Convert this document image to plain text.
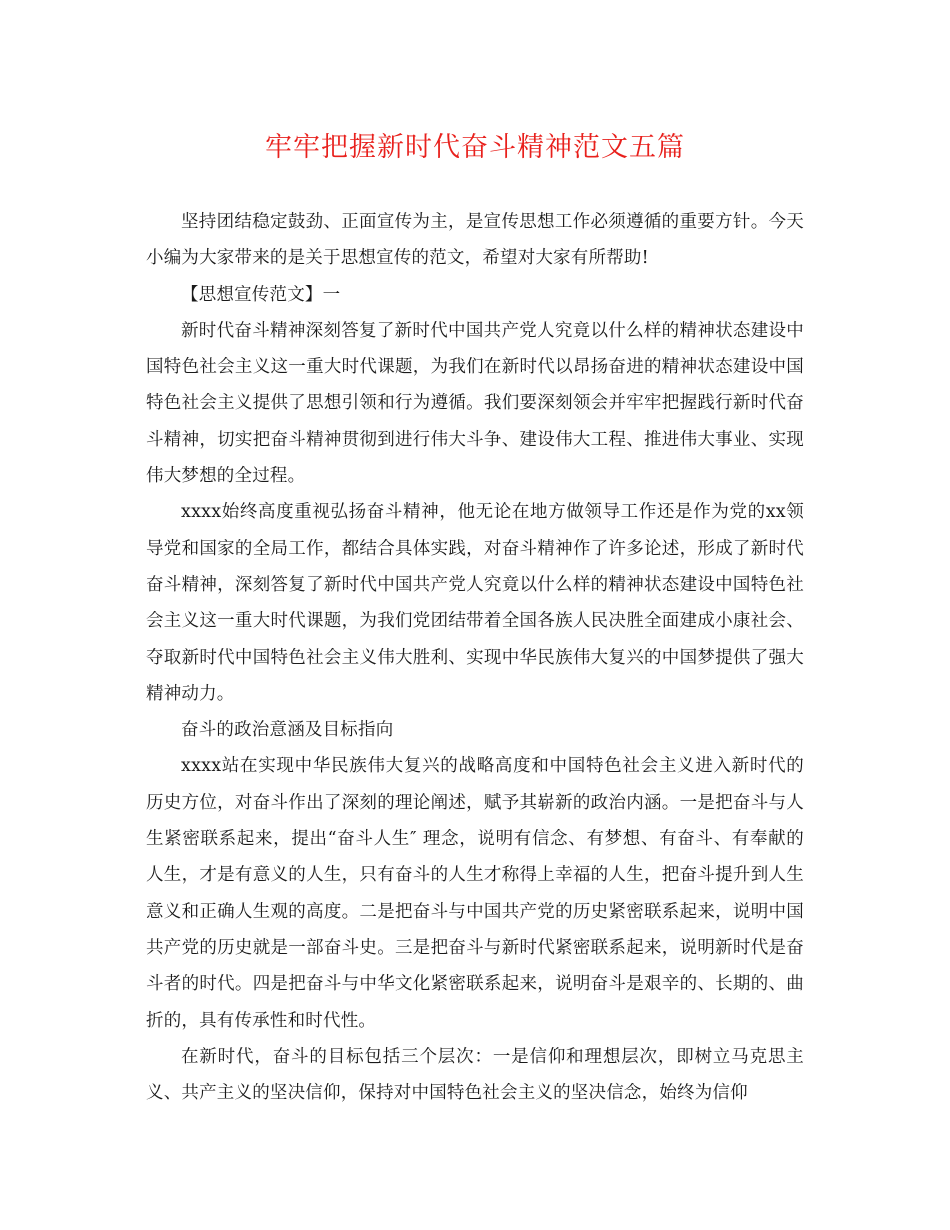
牢牢把握新时代奋斗精神范文五篇

坚持团结稳定鼓劲、正面宣传为主，是宣传思想工作必须遵循的重要方针。今天小编为大家带来的是关于思想宣传的范文，希望对大家有所帮助!

【思想宣传范文】一

新时代奋斗精神深刻答复了新时代中国共产党人究竟以什么样的精神状态建设中国特色社会主义这一重大时代课题，为我们在新时代以昂扬奋进的精神状态建设中国特色社会主义提供了思想引领和行为遵循。我们要深刻领会并牢牢把握践行新时代奋斗精神，切实把奋斗精神贯彻到进行伟大斗争、建设伟大工程、推进伟大事业、实现伟大梦想的全过程。

xxxx始终高度重视弘扬奋斗精神，他无论在地方做领导工作还是作为党的xx领导党和国家的全局工作，都结合具体实践，对奋斗精神作了许多论述，形成了新时代奋斗精神，深刻答复了新时代中国共产党人究竟以什么样的精神状态建设中国特色社会主义这一重大时代课题，为我们党团结带着全国各族人民决胜全面建成小康社会、夺取新时代中国特色社会主义伟大胜利、实现中华民族伟大复兴的中国梦提供了强大精神动力。

奋斗的政治意涵及目标指向

xxxx站在实现中华民族伟大复兴的战略高度和中国特色社会主义进入新时代的历史方位，对奋斗作出了深刻的理论阐述，赋予其崭新的政治内涵。一是把奋斗与人生紧密联系起来，提出“奋斗人生″ 理念，说明有信念、有梦想、有奋斗、有奉献的人生，才是有意义的人生，只有奋斗的人生才称得上幸福的人生，把奋斗提升到人生意义和正确人生观的高度。二是把奋斗与中国共产党的历史紧密联系起来，说明中国共产党的历史就是一部奋斗史。三是把奋斗与新时代紧密联系起来，说明新时代是奋斗者的时代。四是把奋斗与中华文化紧密联系起来，说明奋斗是艰辛的、长期的、曲折的，具有传承性和时代性。

在新时代，奋斗的目标包括三个层次：一是信仰和理想层次，即树立马克思主义、共产主义的坚决信仰，保持对中国特色社会主义的坚决信念，始终为信仰
